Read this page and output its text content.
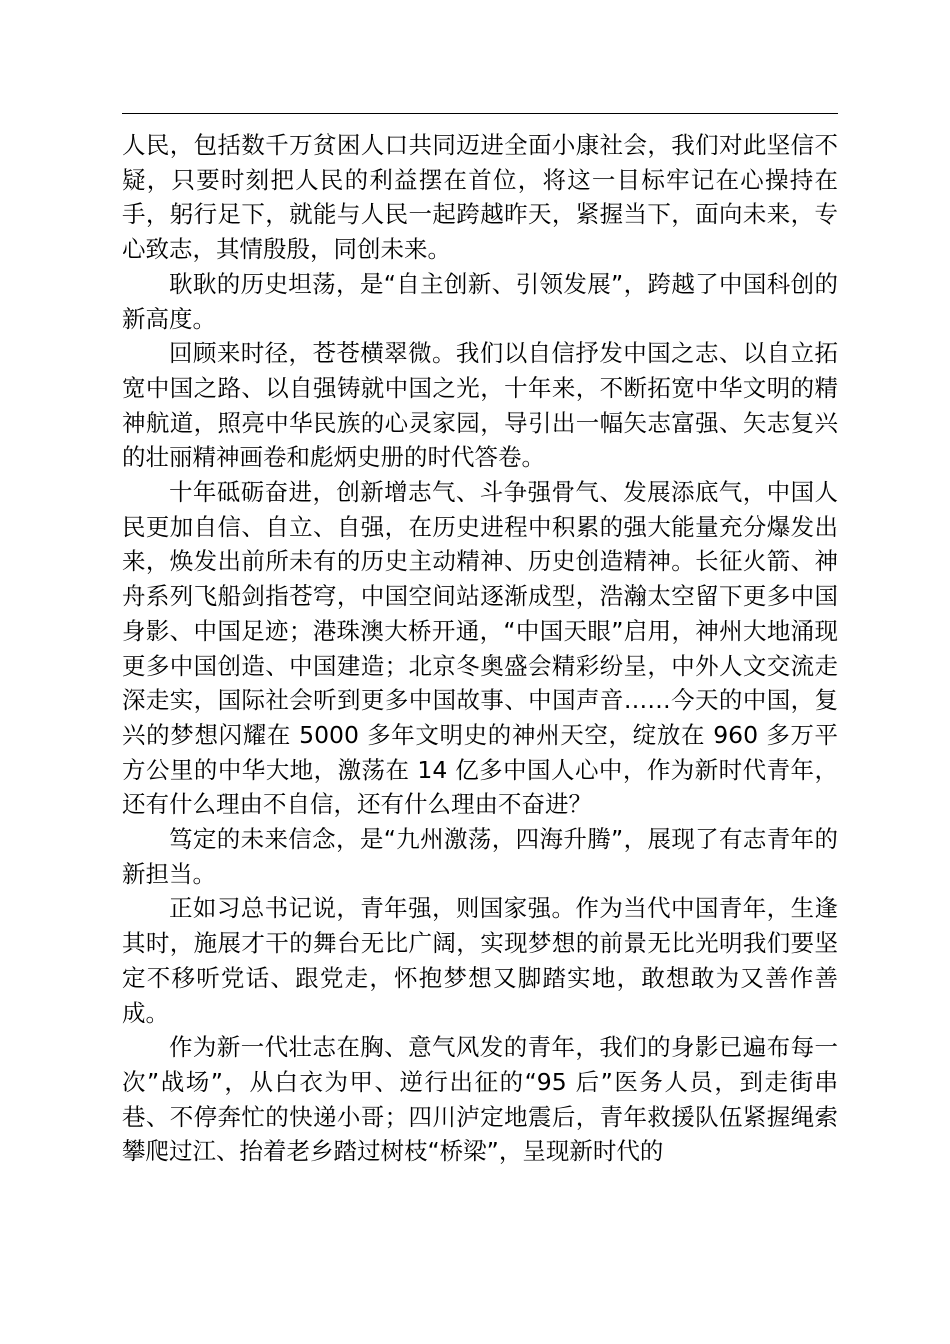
人民，包括数千万贫困人口共同迈进全面小康社会，我们对此坚信不疑，只要时刻把人民的利益摆在首位，将这一目标牢记在心操持在手，躬行足下，就能与人民一起跨越昨天，紧握当下，面向未来，专心致志，其情殷殷，同创未来。

耿耿的历史坦荡，是“自主创新、引领发展”，跨越了中国科创的新高度。

回顾来时径，苍苍横翠微。我们以自信抒发中国之志、以自立拓宽中国之路、以自强铸就中国之光，十年来，不断拓宽中华文明的精神航道，照亮中华民族的心灵家园，导引出一幅矢志富强、矢志复兴的壮丽精神画卷和彪炳史册的时代答卷。

十年砥砺奋进，创新增志气、斗争强骨气、发展添底气，中国人民更加自信、自立、自强，在历史进程中积累的强大能量充分爆发出来，焕发出前所未有的历史主动精神、历史创造精神。长征火箭、神舟系列飞船剑指苍穹，中国空间站逐渐成型，浩瀚太空留下更多中国身影、中国足迹；港珠澳大桥开通，“中国天眼”启用，神州大地涌现更多中国创造、中国建造；北京冬奥盛会精彩纷呈，中外人文交流走深走实，国际社会听到更多中国故事、中国声音……今天的中国，复兴的梦想闪耀在 5000 多年文明史的神州天空，绽放在 960 多万平方公里的中华大地，激荡在 14 亿多中国人心中，作为新时代青年，还有什么理由不自信，还有什么理由不奋进？

笃定的未来信念，是“九州激荡，四海升腾”，展现了有志青年的新担当。

正如习总书记说，青年强，则国家强。作为当代中国青年，生逢其时，施展才干的舞台无比广阔，实现梦想的前景无比光明我们要坚定不移听党话、跟党走，怀抱梦想又脚踏实地，敢想敢为又善作善成。

作为新一代壮志在胸、意气风发的青年，我们的身影已遍布每一次”战场”，从白衣为甲、逆行出征的“95 后”医务人员，到走街串巷、不停奔忙的快递小哥；四川泸定地震后，青年救援队伍紧握绳索攀爬过江、抬着老乡踏过树枝“桥梁”，呈现新时代的
